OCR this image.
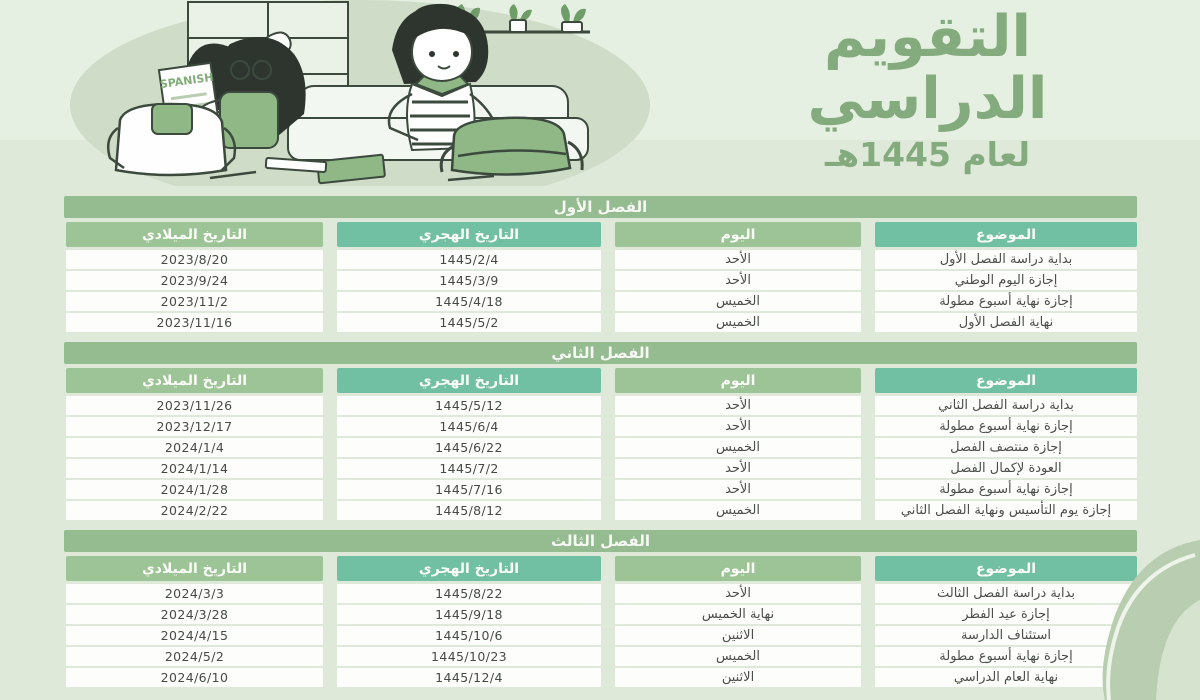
SPANISH
التقويم
الدراسي
لعام 1445هـ
الفصل الأول
الموضوع
اليوم
التاريخ الهجري
التاريخ الميلادي
بداية دراسة الفصل الأول
الأحد
1445/2/4
2023/8/20
إجازة اليوم الوطني
الأحد
1445/3/9
2023/9/24
إجازة نهاية أسبوع مطولة
الخميس
1445/4/18
2023/11/2
نهاية الفصل الأول
الخميس
1445/5/2
2023/11/16
الفصل الثاني
الموضوع
اليوم
التاريخ الهجري
التاريخ الميلادي
بداية دراسة الفصل الثاني
الأحد
1445/5/12
2023/11/26
إجازة نهاية أسبوع مطولة
الأحد
1445/6/4
2023/12/17
إجازة منتصف الفصل
الخميس
1445/6/22
2024/1/4
العودة لإكمال الفصل
الأحد
1445/7/2
2024/1/14
إجازة نهاية أسبوع مطولة
الأحد
1445/7/16
2024/1/28
إجازة يوم التأسيس ونهاية الفصل الثاني
الخميس
1445/8/12
2024/2/22
الفصل الثالث
الموضوع
اليوم
التاريخ الهجري
التاريخ الميلادي
بداية دراسة الفصل الثالث
الأحد
1445/8/22
2024/3/3
إجازة عيد الفطر
نهاية الخميس
1445/9/18
2024/3/28
استئناف الدارسة
الاثنين
1445/10/6
2024/4/15
إجازة نهاية أسبوع مطولة
الخميس
1445/10/23
2024/5/2
نهاية العام الدراسي
الاثنين
1445/12/4
2024/6/10
